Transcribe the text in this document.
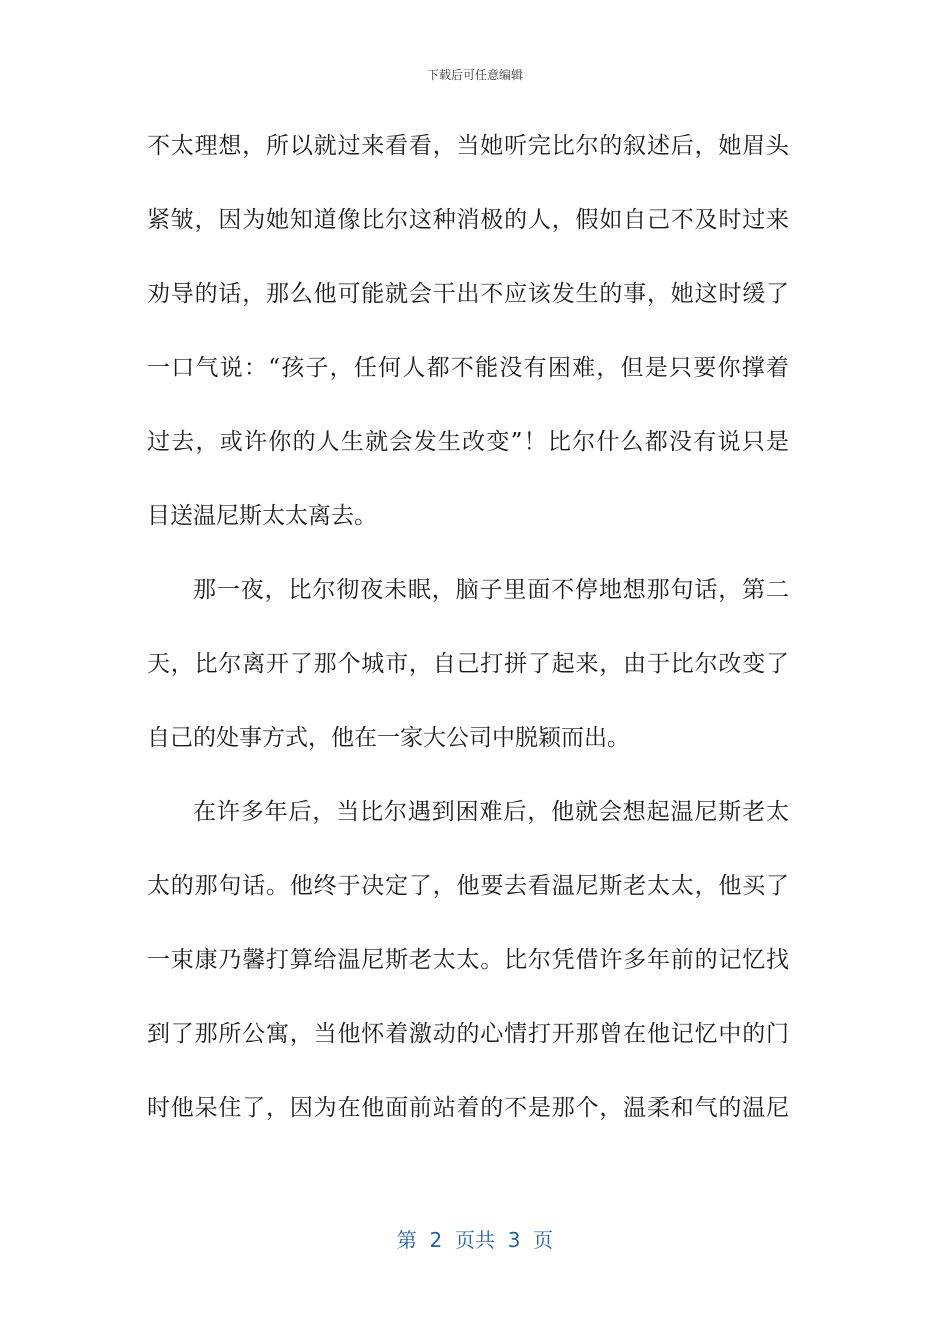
下载后可任意编辑
不太理想，所以就过来看看，当她听完比尔的叙述后，她眉头
紧皱，因为她知道像比尔这种消极的人，假如自己不及时过来
劝导的话，那么他可能就会干出不应该发生的事，她这时缓了
一口气说：“孩子，任何人都不能没有困难，但是只要你撑着
过去，或许你的人生就会发生改变”！比尔什么都没有说只是
目送温尼斯太太离去。
那一夜，比尔彻夜未眠，脑子里面不停地想那句话，第二
天，比尔离开了那个城市，自己打拼了起来，由于比尔改变了
自己的处事方式，他在一家大公司中脱颖而出。
在许多年后，当比尔遇到困难后，他就会想起温尼斯老太
太的那句话。他终于决定了，他要去看温尼斯老太太，他买了
一束康乃馨打算给温尼斯老太太。比尔凭借许多年前的记忆找
到了那所公寓，当他怀着激动的心情打开那曾在他记忆中的门
时他呆住了，因为在他面前站着的不是那个，温柔和气的温尼
第  2  页共  3  页
